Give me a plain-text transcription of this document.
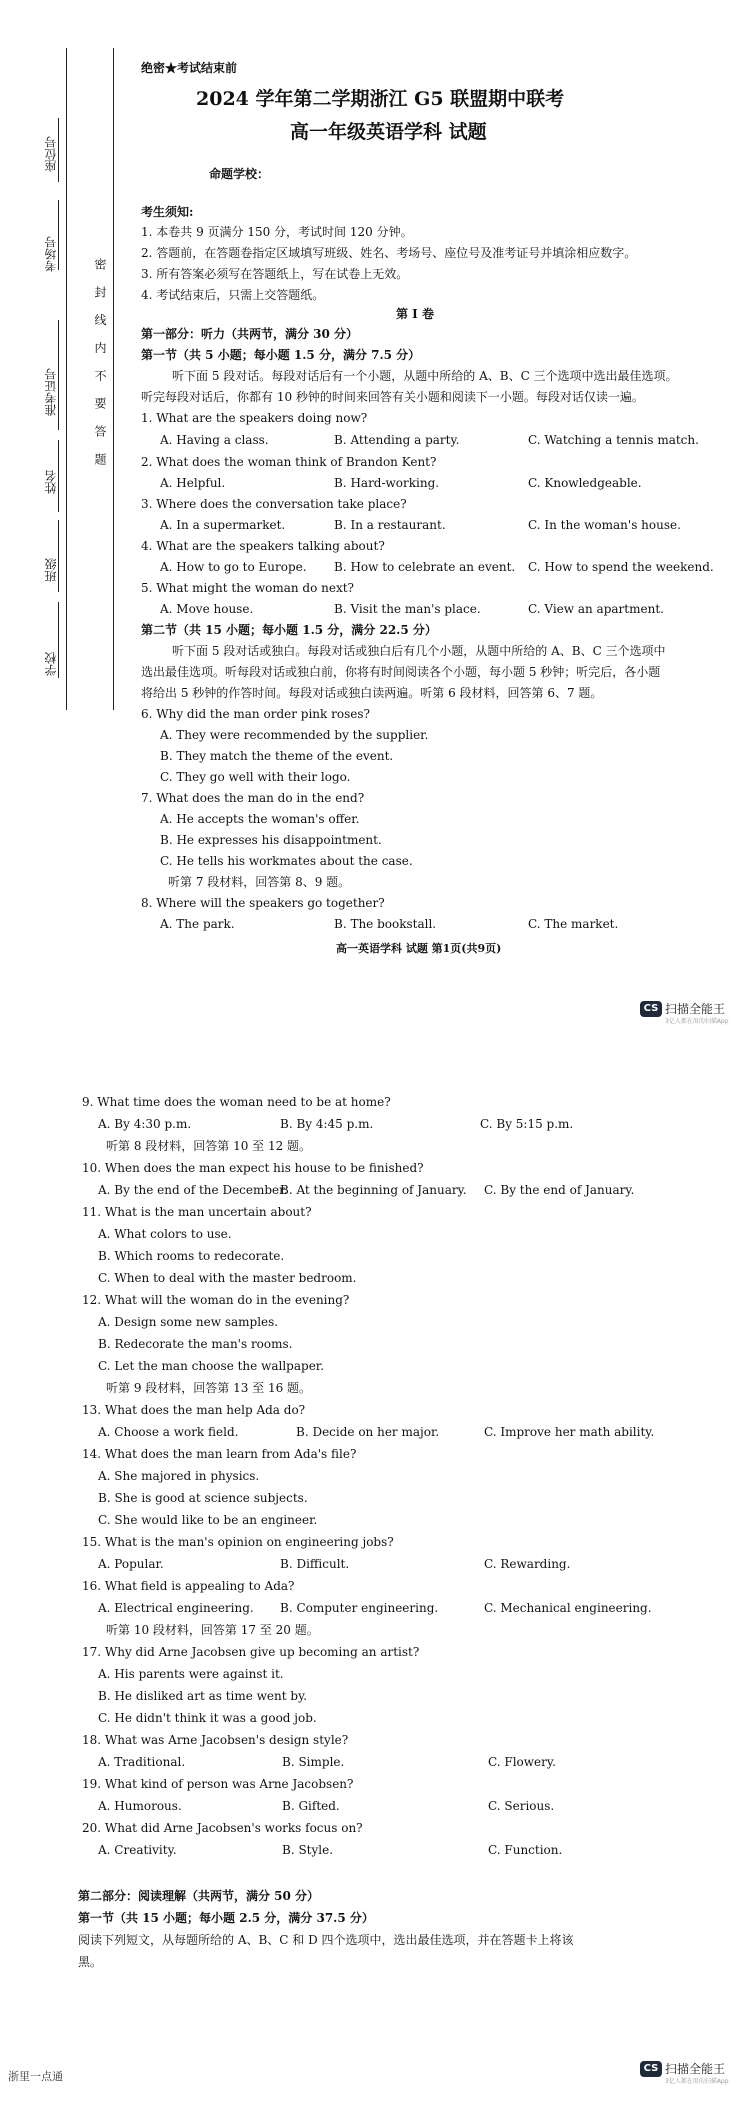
座位号
考场号
准考证号
姓名
班级
学校
密 封 线 内 不 要 答 题
绝密★考试结束前
2024 学年第二学期浙江 G5 联盟期中联考
高一年级英语学科 试题
命题学校：
考生须知:
1. 本卷共 9 页满分 150 分，考试时间 120 分钟。
2. 答题前，在答题卷指定区域填写班级、姓名、考场号、座位号及准考证号并填涂相应数字。
3. 所有答案必须写在答题纸上，写在试卷上无效。
4. 考试结束后，只需上交答题纸。
第 I 卷
第一部分：听力（共两节，满分 30 分）
第一节（共 5 小题；每小题 1.5 分，满分 7.5 分）
听下面 5 段对话。每段对话后有一个小题，从题中所给的 A、B、C 三个选项中选出最佳选项。
听完每段对话后，你都有 10 秒钟的时间来回答有关小题和阅读下一小题。每段对话仅读一遍。
1. What are the speakers doing now?
A. Having a class.	B. Attending a party.	C. Watching a tennis match.
2. What does the woman think of Brandon Kent?
A. Helpful.	B. Hard-working.	C. Knowledgeable.
3. Where does the conversation take place?
A. In a supermarket.	B. In a restaurant.	C. In the woman's house.
4. What are the speakers talking about?
A. How to go to Europe. B. How to celebrate an event. C. How to spend the weekend.
5. What might the woman do next?
A. Move house.	B. Visit the man's place.	C. View an apartment.
第二节（共 15 小题；每小题 1.5 分，满分 22.5 分）
听下面 5 段对话或独白。每段对话或独白后有几个小题，从题中所给的 A、B、C 三个选项中
选出最佳选项。听每段对话或独白前，你将有时间阅读各个小题，每小题 5 秒钟；听完后，各小题
将给出 5 秒钟的作答时间。每段对话或独白读两遍。听第 6 段材料，回答第 6、7 题。
6. Why did the man order pink roses?
A. They were recommended by the supplier.
B. They match the theme of the event.
C. They go well with their logo.
7. What does the man do in the end?
A. He accepts the woman's offer.
B. He expresses his disappointment.
C. He tells his workmates about the case.
听第 7 段材料，回答第 8、9 题。
8. Where will the speakers go together?
A. The park.	B. The bookstall.	C. The market.
高一英语学科 试题 第1页(共9页)
CS 扫描全能王
3亿人都在用的扫描App
9. What time does the woman need to be at home?
A. By 4:30 p.m.	B. By 4:45 p.m.	C. By 5:15 p.m.
听第 8 段材料，回答第 10 至 12 题。
10. When does the man expect his house to be finished?
A. By the end of the December.
B. At the beginning of January. C. By the end of January.
11. What is the man uncertain about?
A. What colors to use.
B. Which rooms to redecorate.
C. When to deal with the master bedroom.
12. What will the woman do in the evening?
A. Design some new samples.
B. Redecorate the man's rooms.
C. Let the man choose the wallpaper.
听第 9 段材料，回答第 13 至 16 题。
13. What does the man help Ada do?
A. Choose a work field.	B. Decide on her major.	C. Improve her math ability.
14. What does the man learn from Ada's file?
A. She majored in physics.
B. She is good at science subjects.
C. She would like to be an engineer.
15. What is the man's opinion on engineering jobs?
A. Popular.	B. Difficult.	C. Rewarding.
16. What field is appealing to Ada?
A. Electrical engineering. B. Computer engineering.	C. Mechanical engineering.
听第 10 段材料，回答第 17 至 20 题。
17. Why did Arne Jacobsen give up becoming an artist?
A. His parents were against it.
B. He disliked art as time went by.
C. He didn't think it was a good job.
18. What was Arne Jacobsen's design style?
A. Traditional.	B. Simple.	C. Flowery.
19. What kind of person was Arne Jacobsen?
A. Humorous.	B. Gifted.	C. Serious.
20. What did Arne Jacobsen's works focus on?
A. Creativity.	B. Style.	C. Function.
第二部分：阅读理解（共两节，满分 50 分）
第一节（共 15 小题；每小题 2.5 分，满分 37.5 分）
阅读下列短文，从每题所给的 A、B、C 和 D 四个选项中，选出最佳选项，并在答题卡上将该
黑。
浙里一点通
CS 扫描全能王
3亿人都在用的扫描App
